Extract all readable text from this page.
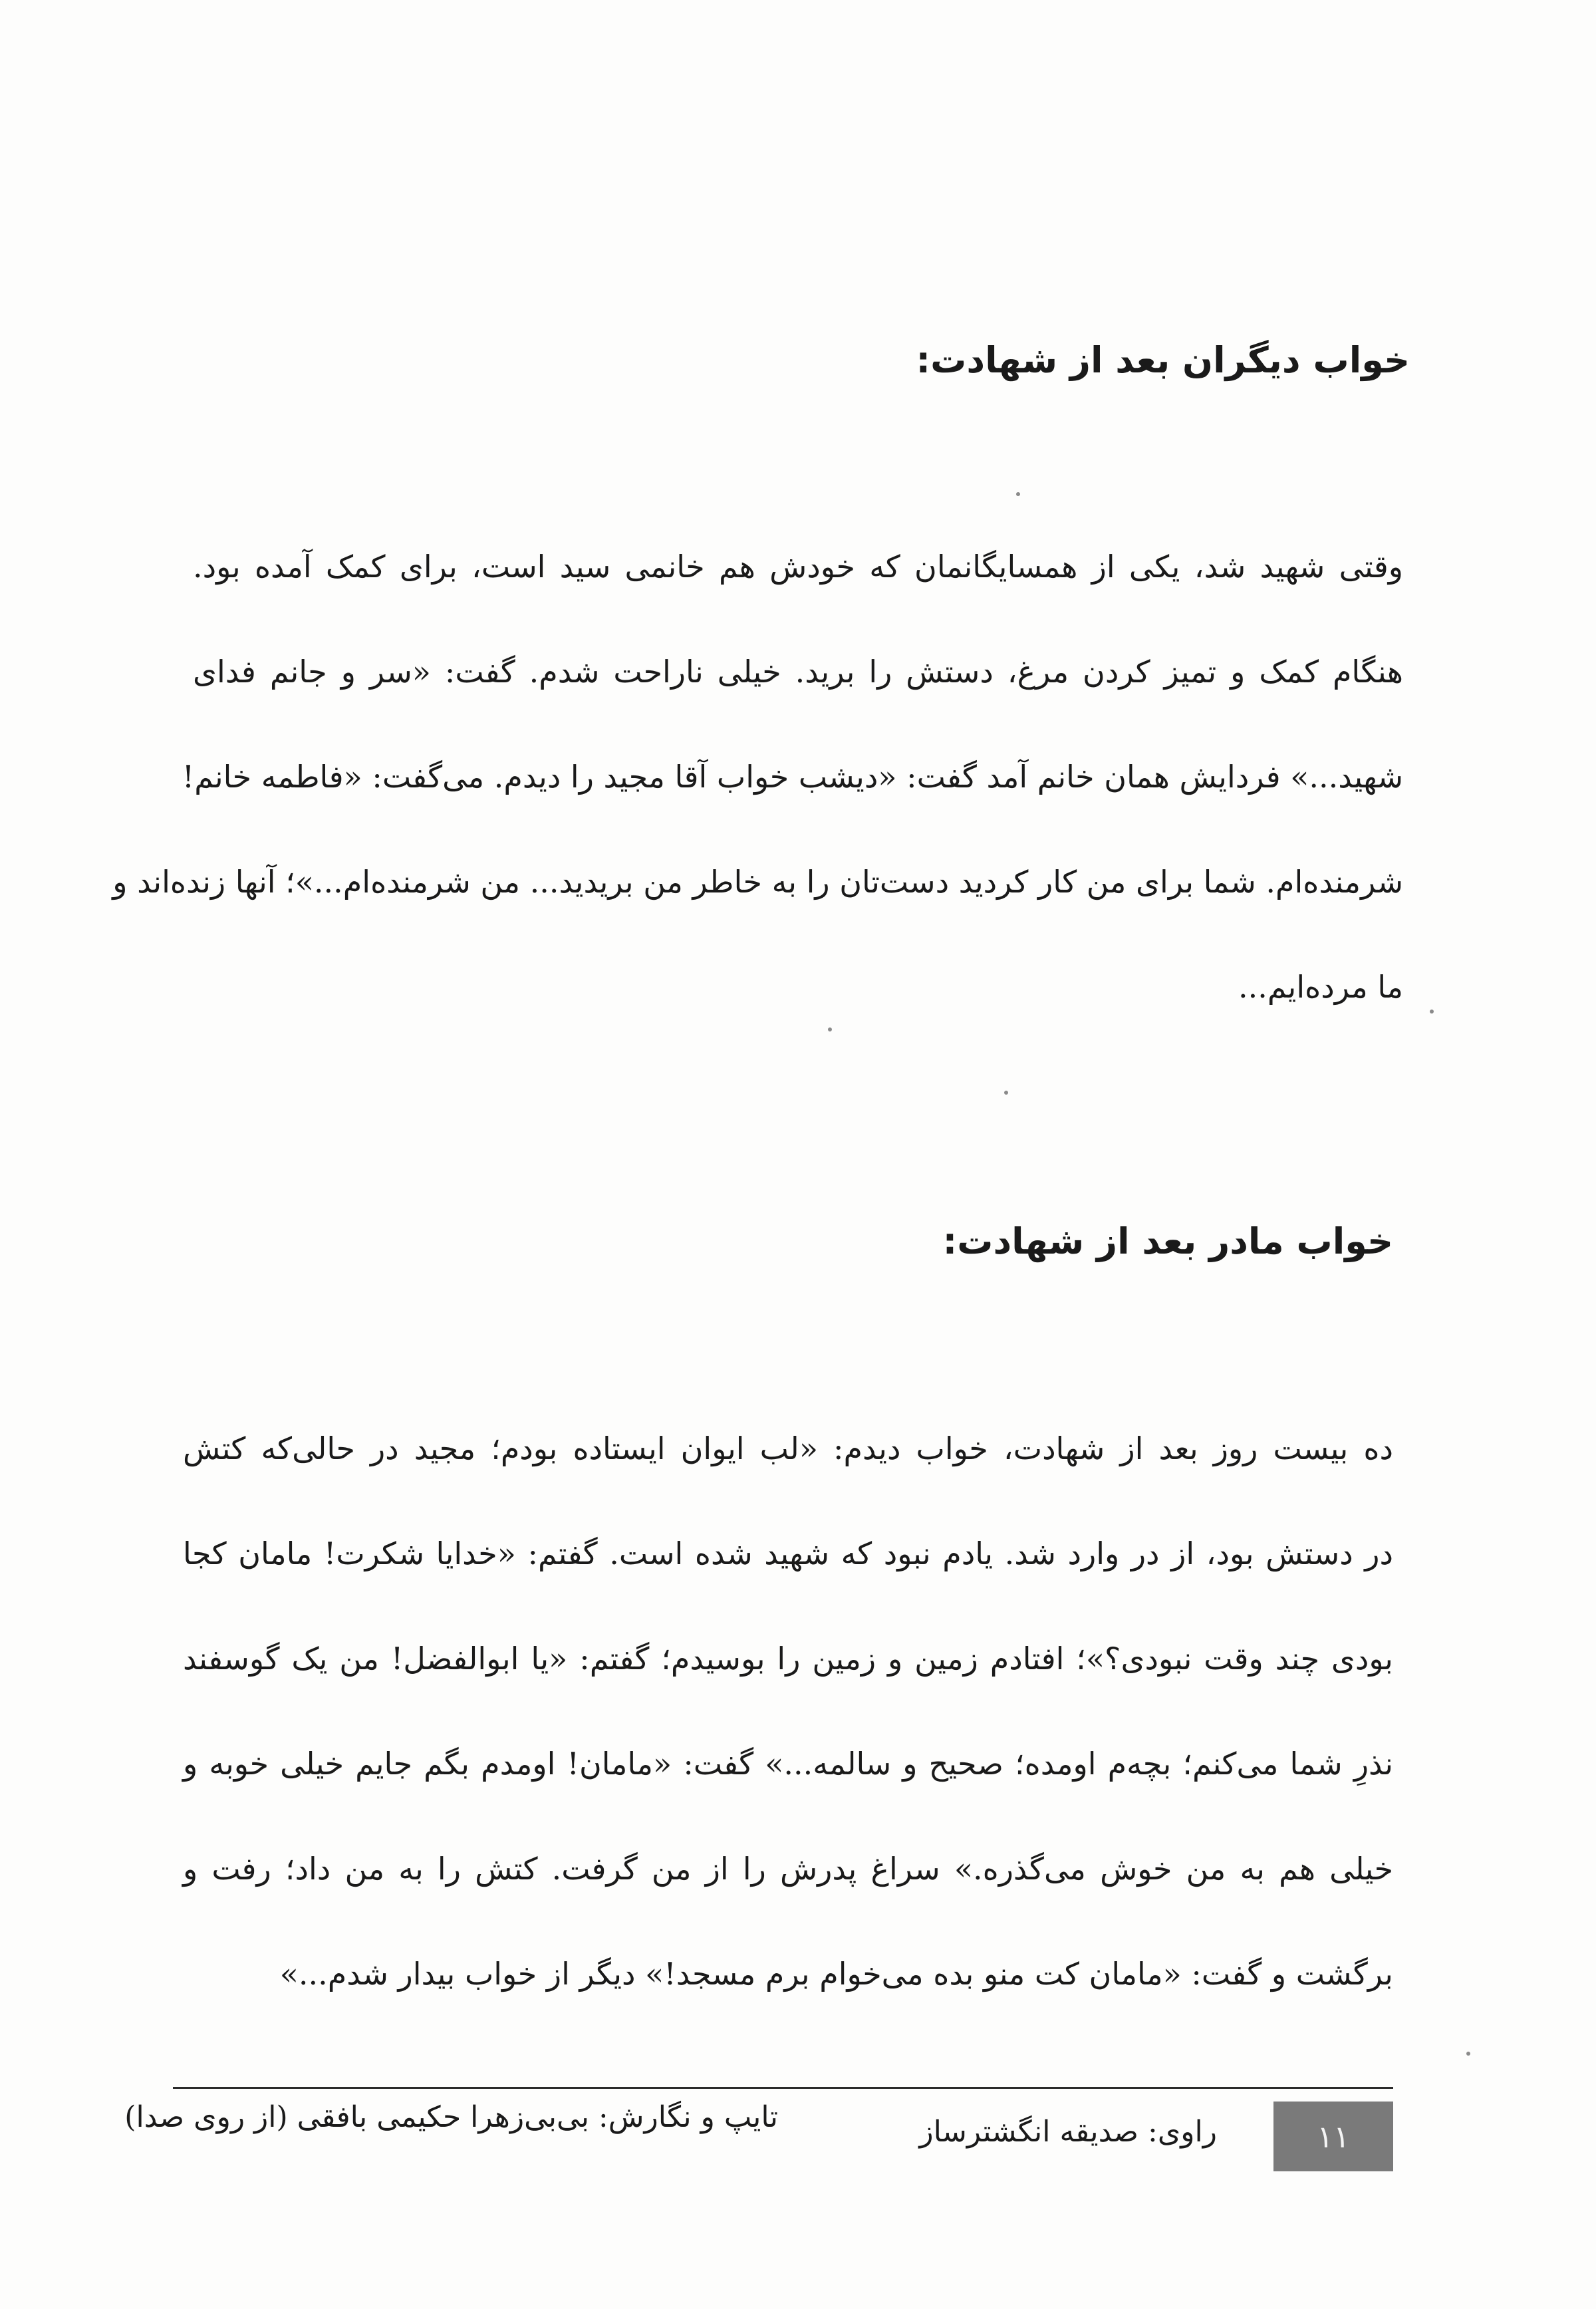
خواب دیگران بعد از شهادت:

وقتی شهید شد، یکی از همسایگانمان که خودش هم خانمی سید است، برای کمک آمده بود.

هنگام کمک و تمیز کردن مرغ، دستش را برید. خیلی ناراحت شدم. گفت: «سر و جانم فدای

شهید...» فردایش همان خانم آمد گفت: «دیشب خواب آقا مجید را دیدم. می‌گفت: «فاطمه خانم!

شرمنده‌ام. شما برای من کار کردید دست‌تان را به خاطر من بریدید... من شرمنده‌ام...»؛ آنها زنده‌اند و

ما مرده‌ایم...

خواب مادر بعد از شهادت:

ده بیست روز بعد از شهادت، خواب دیدم: «لب ایوان ایستاده بودم؛ مجید در حالی‌که کتش

در دستش بود، از در وارد شد. یادم نبود که شهید شده است. گفتم: «خدایا شکرت! مامان کجا

بودی چند وقت نبودی؟»؛ افتادم زمین و زمین را بوسیدم؛ گفتم: «یا ابوالفضل! من یک گوسفند

نذرِ شما می‌کنم؛ بچه‌م اومده؛ صحیح و سالمه...» گفت: «مامان! اومدم بگم جایم خیلی خوبه و

خیلی هم به من خوش می‌گذره.» سراغ پدرش را از من گرفت. کتش را به من داد؛ رفت و

برگشت و گفت: «مامان کت منو بده می‌خوام برم مسجد!» دیگر از خواب بیدار شدم...»

۱۱
راوی: صدیقه انگشترساز
تایپ و نگارش: بی‌بی‌زهرا حکیمی بافقی (از روی صدا)
